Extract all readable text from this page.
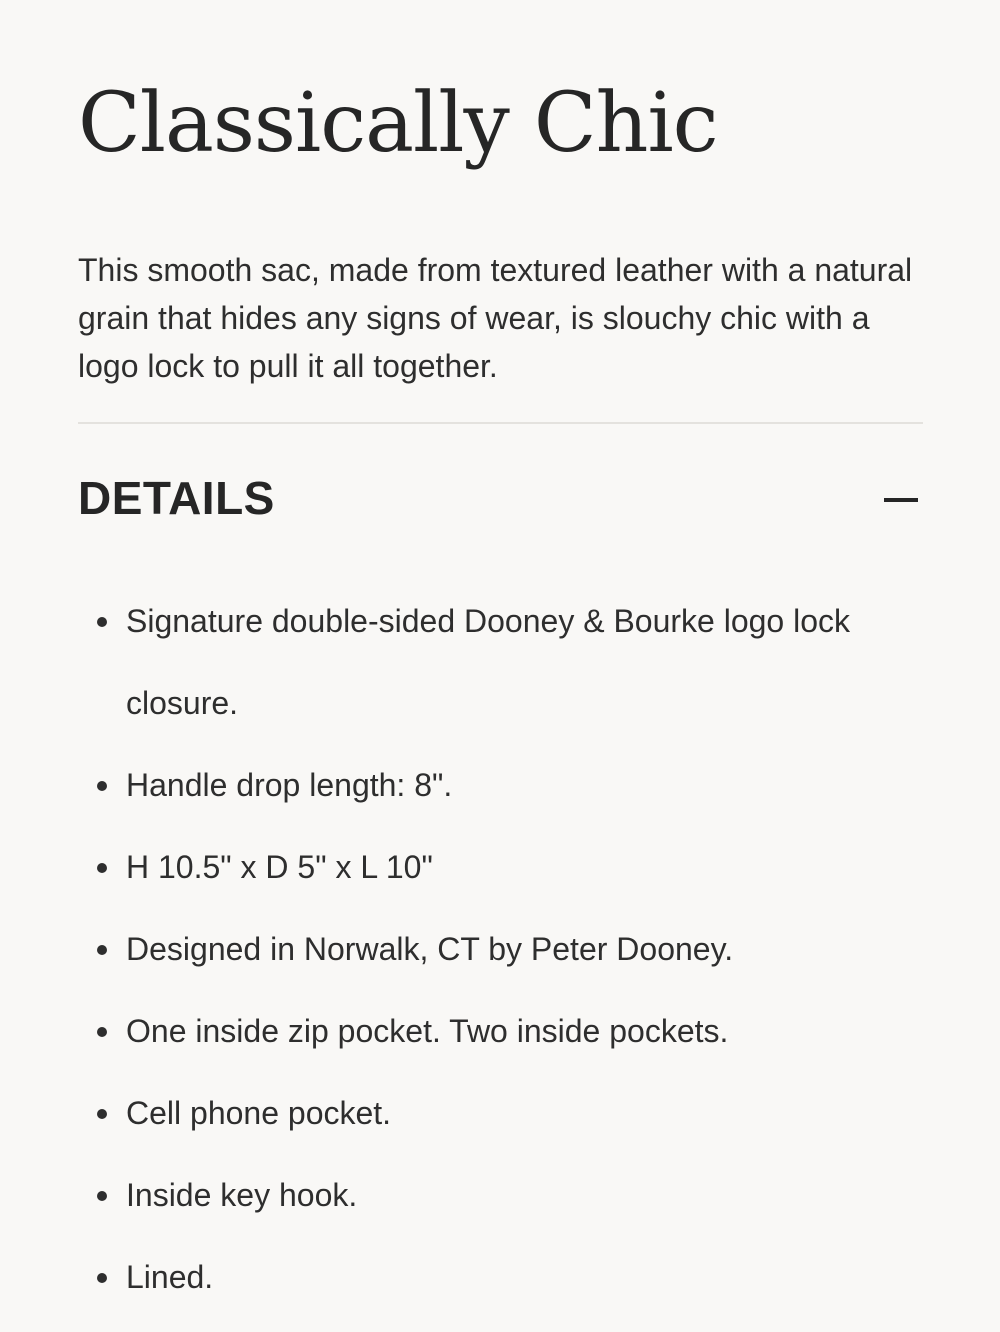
Classically Chic

This smooth sac, made from textured leather with a natural grain that hides any signs of wear, is slouchy chic with a logo lock to pull it all together.

DETAILS
Signature double-sided Dooney & Bourke logo lock closure.
Handle drop length: 8".
H 10.5" x D 5" x L 10"
Designed in Norwalk, CT by Peter Dooney.
One inside zip pocket. Two inside pockets.
Cell phone pocket.
Inside key hook.
Lined.
